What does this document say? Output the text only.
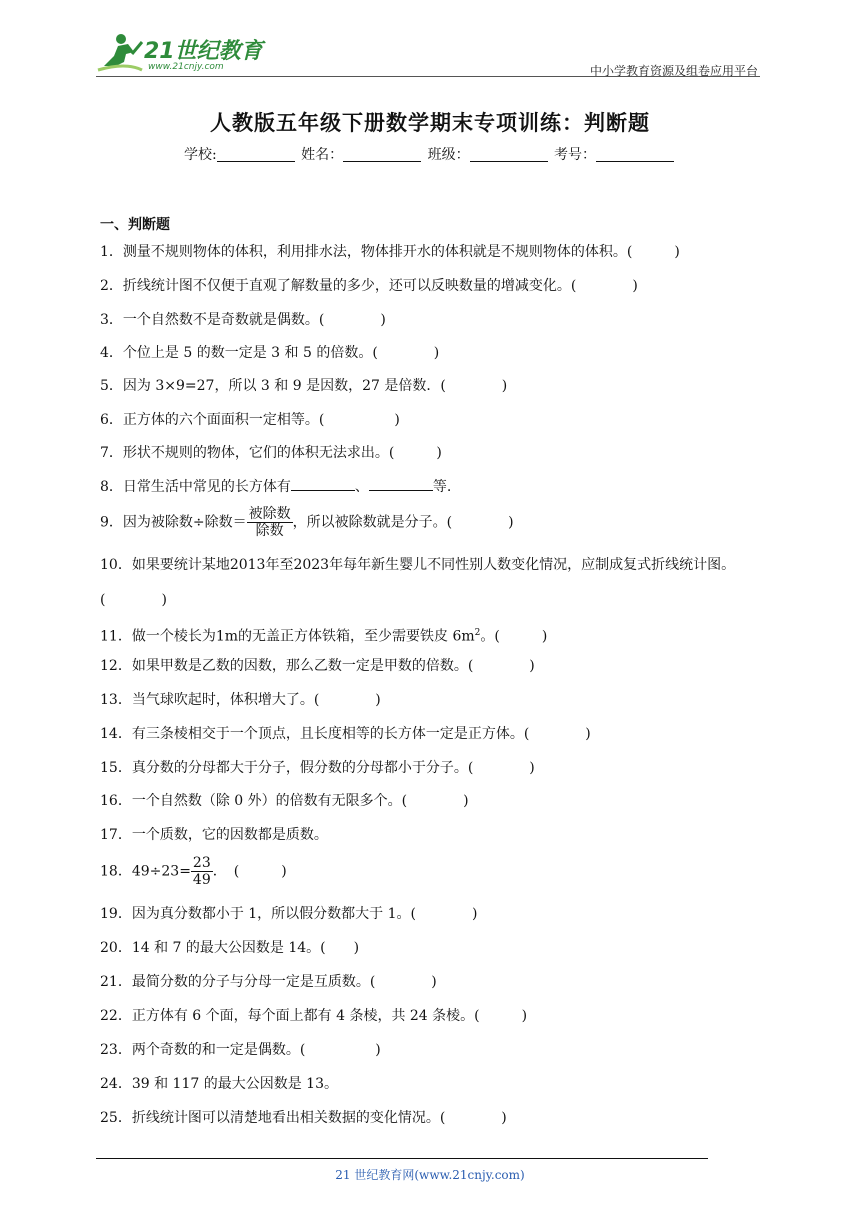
21世纪教育
www.21cnjy.com	中小学教育资源及组卷应用平台
人教版五年级下册数学期末专项训练：判断题
学校:	姓名：	班级：	考号：
一、判断题
1．测量不规则物体的体积，利用排水法，物体排开水的体积就是不规则物体的体积。(　　　)
2．折线统计图不仅便于直观了解数量的多少，还可以反映数量的增减变化。(　　　　)
3．一个自然数不是奇数就是偶数。(　　　　)
4．个位上是 5 的数一定是 3 和 5 的倍数。(　　　　)
5．因为 3×9=27，所以 3 和 9 是因数，27 是倍数．(　　　　)
6．正方体的六个面面积一定相等。(　　　　　)
7．形状不规则的物体，它们的体积无法求出。(　　　)
8．日常生活中常见的长方体有	、	等.
9．因为被除数÷除数＝ $\frac{\text{被除数}}{\text{除数}}$ ，所以被除数就是分子。(　　　　)
10．如果要统计某地2013年至2023年每年新生婴儿不同性别人数变化情况，应制成复式折线统计图。
(　　　　)
11．做一个棱长为1m的无盖正方体铁箱，至少需要铁皮 $6m^2$。(　　　)
12．如果甲数是乙数的因数，那么乙数一定是甲数的倍数。(　　　　)
13．当气球吹起时，体积增大了。(　　　　)
14．有三条棱相交于一个顶点，且长度相等的长方体一定是正方体。(　　　　)
15．真分数的分母都大于分子，假分数的分母都小于分子。(　　　　)
16．一个自然数（除 0 外）的倍数有无限多个。(　　　　)
17．一个质数，它的因数都是质数。
18．$49\div 23= \frac{23}{49}$ ．　(　　　)
19．因为真分数都小于 1，所以假分数都大于 1。(　　　　)
20．14 和 7 的最大公因数是 14。(　　)
21．最简分数的分子与分母一定是互质数。(　　　　)
22．正方体有 6 个面，每个面上都有 4 条棱，共 24 条棱。(　　　)
23．两个奇数的和一定是偶数。(　　　　　)
24．39 和 117 的最大公因数是 13。
25．折线统计图可以清楚地看出相关数据的变化情况。(　　　　)
21 世纪教育网(www.21cnjy.com)
